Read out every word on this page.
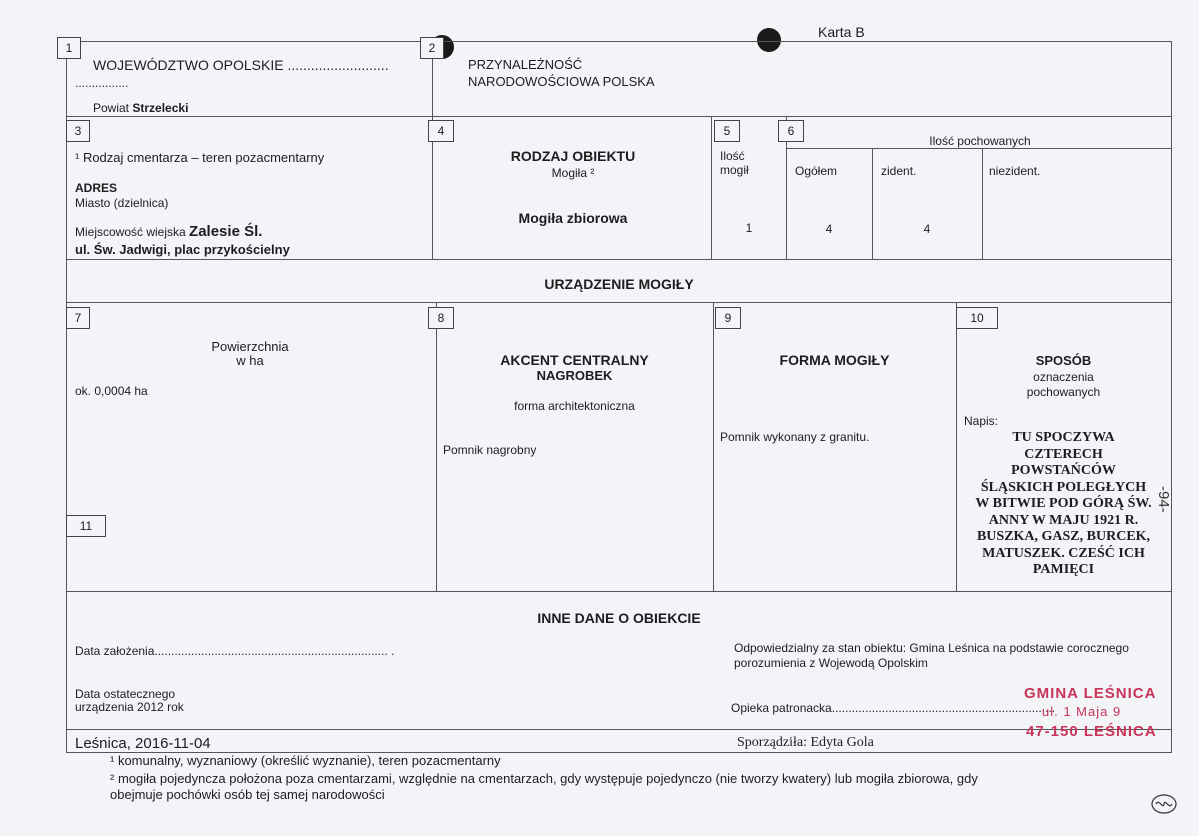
Karta B
1
WOJEWÓDZTWO OPOLSKIE ..........................
................
Powiat Strzelecki
2
PRZYNALEŻNOŚĆ
NARODOWOŚCIOWA POLSKA
3
¹ Rodzaj cmentarza – teren pozacmentarny
ADRES
Miasto (dzielnica)
Miejscowość wiejska Zalesie Śl.
ul. Św. Jadwigi, plac przykościelny
4
RODZAJ OBIEKTU
Mogiła ²
Mogiła zbiorowa
5
Ilość
mogił
1
6
Ilość pochowanych
Ogółem	zident.	niezident.
4	4
URZĄDZENIE MOGIŁY
7
Powierzchnia
w ha
ok. 0,0004 ha
11
8
AKCENT CENTRALNY
NAGROBEK
forma architektoniczna
Pomnik nagrobny
9
FORMA MOGIŁY
Pomnik wykonany z granitu.
10
SPOSÓB
oznaczenia
pochowanych
Napis:
TU SPOCZYWA
CZTERECH
POWSTAŃCÓW
ŚLĄSKICH POLEGŁYCH
W BITWIE POD GÓRĄ ŚW.
ANNY W MAJU 1921 R.
BUSZKA, GASZ, BURCEK,
MATUSZEK. CZEŚĆ ICH
PAMIĘCI
-94-
INNE DANE O OBIEKCIE
Data założenia...................................................................... .
Data ostatecznego
urządzenia 2012 rok
Odpowiedzialny za stan obiektu: Gmina Leśnica na podstawie corocznego
porozumienia z Wojewodą Opolskim
Opieka patronacka...................................................................
Leśnica, 2016-11-04	Sporządziła: Edyta Gola
GMINA LEŚNICA
ul. 1 Maja 9
47-150 LEŚNICA
¹ komunalny, wyznaniowy (określić wyznanie), teren pozacmentarny
² mogiła pojedyncza położona poza cmentarzami, względnie na cmentarzach, gdy występuje pojedynczo (nie tworzy kwatery) lub mogiła zbiorowa, gdy
obejmuje pochówki osób tej samej narodowości
